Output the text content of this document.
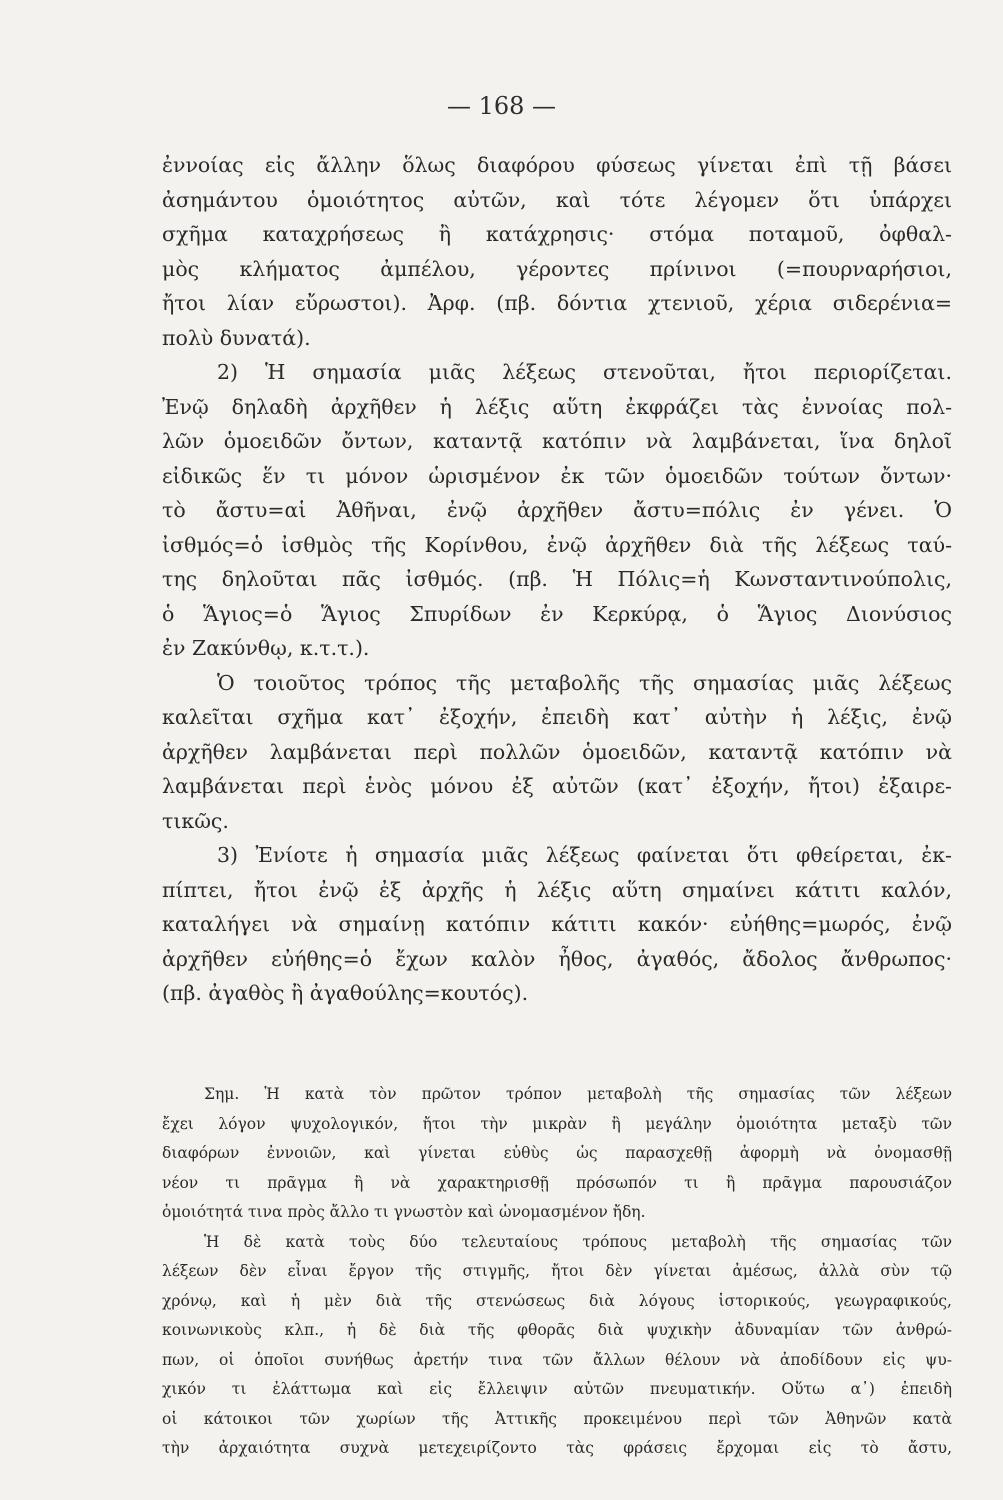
— 168 —
ἐννοίας εἰς ἄλλην ὅλως διαφόρου φύσεως γίνεται ἐπὶ τῇ βάσει
ἀσημάντου ὁμοιότητος αὐτῶν, καὶ τότε λέγομεν ὅτι ὑπάρχει
σχῆμα καταχρήσεως ἢ κατάχρησις· στόμα ποταμοῦ, ὀφθαλ-
μὸς κλήματος ἀμπέλου, γέροντες πρίνινοι (=πουρναρήσιοι,
ἤτοι λίαν εὔρωστοι). Ἀρφ. (πβ. δόντια χτενιοῦ, χέρια σιδερένια=
πολὺ δυνατά).
2) Ἡ σημασία μιᾶς λέξεως στενοῦται, ἤτοι περιορίζεται.
Ἐνῷ δηλαδὴ ἀρχῆθεν ἡ λέξις αὕτη ἐκφράζει τὰς ἐννοίας πολ-
λῶν ὁμοειδῶν ὄντων, καταντᾷ κατόπιν νὰ λαμβάνεται, ἵνα δηλοῖ
εἰδικῶς ἕν τι μόνον ὡρισμένον ἐκ τῶν ὁμοειδῶν τούτων ὄντων·
τὸ ἄστυ=αἱ Ἀθῆναι, ἐνῷ ἀρχῆθεν ἄστυ=πόλις ἐν γένει. Ὁ
ἰσθμός=ὁ ἰσθμὸς τῆς Κορίνθου, ἐνῷ ἀρχῆθεν διὰ τῆς λέξεως ταύ-
της δηλοῦται πᾶς ἰσθμός. (πβ. Ἡ Πόλις=ἡ Κωνσταντινούπολις,
ὁ Ἅγιος=ὁ Ἅγιος Σπυρίδων ἐν Κερκύρᾳ, ὁ Ἅγιος Διονύσιος
ἐν Ζακύνθῳ, κ.τ.τ.).
Ὁ τοιοῦτος τρόπος τῆς μεταβολῆς τῆς σημασίας μιᾶς λέξεως
καλεῖται σχῆμα κατ᾽ ἐξοχήν, ἐπειδὴ κατ᾽ αὐτὴν ἡ λέξις, ἐνῷ
ἀρχῆθεν λαμβάνεται περὶ πολλῶν ὁμοειδῶν, καταντᾷ κατόπιν νὰ
λαμβάνεται περὶ ἑνὸς μόνου ἐξ αὐτῶν (κατ᾽ ἐξοχήν, ἤτοι) ἐξαιρε-
τικῶς.
3) Ἐνίοτε ἡ σημασία μιᾶς λέξεως φαίνεται ὅτι φθείρεται, ἐκ-
πίπτει, ἤτοι ἐνῷ ἐξ ἀρχῆς ἡ λέξις αὕτη σημαίνει κάτιτι καλόν,
καταλήγει νὰ σημαίνῃ κατόπιν κάτιτι κακόν· εὐήθης=μωρός, ἐνῷ
ἀρχῆθεν εὐήθης=ὁ ἔχων καλὸν ἦθος, ἀγαθός, ἄδολος ἄνθρωπος·
(πβ. ἀγαθὸς ἢ ἀγαθούλης=κουτός).
Σημ. Ἡ κατὰ τὸν πρῶτον τρόπον μεταβολὴ τῆς σημασίας τῶν λέξεων
ἔχει λόγον ψυχολογικόν, ἤτοι τὴν μικρὰν ἢ μεγάλην ὁμοιότητα μεταξὺ τῶν
διαφόρων ἐννοιῶν, καὶ γίνεται εὐθὺς ὡς παρασχεθῇ ἀφορμὴ νὰ ὀνομασθῇ
νέον τι πρᾶγμα ἢ νὰ χαρακτηρισθῇ πρόσωπόν τι ἢ πρᾶγμα παρουσιάζον
ὁμοιότητά τινα πρὸς ἄλλο τι γνωστὸν καὶ ὠνομασμένον ἤδη.
Ἡ δὲ κατὰ τοὺς δύο τελευταίους τρόπους μεταβολὴ τῆς σημασίας τῶν
λέξεων δὲν εἶναι ἔργον τῆς στιγμῆς, ἤτοι δὲν γίνεται ἀμέσως, ἀλλὰ σὺν τῷ
χρόνῳ, καὶ ἡ μὲν διὰ τῆς στενώσεως διὰ λόγους ἱστορικούς, γεωγραφικούς,
κοινωνικοὺς κλπ., ἡ δὲ διὰ τῆς φθορᾶς διὰ ψυχικὴν ἀδυναμίαν τῶν ἀνθρώ-
πων, οἱ ὁποῖοι συνήθως ἀρετήν τινα τῶν ἄλλων θέλουν νὰ ἀποδίδουν εἰς ψυ-
χικόν τι ἐλάττωμα καὶ εἰς ἔλλειψιν αὐτῶν πνευματικήν. Οὕτω α᾽) ἐπειδὴ
οἱ κάτοικοι τῶν χωρίων τῆς Ἀττικῆς προκειμένου περὶ τῶν Ἀθηνῶν κατὰ
τὴν ἀρχαιότητα συχνὰ μετεχειρίζοντο τὰς φράσεις ἔρχομαι εἰς τὸ ἄστυ,
